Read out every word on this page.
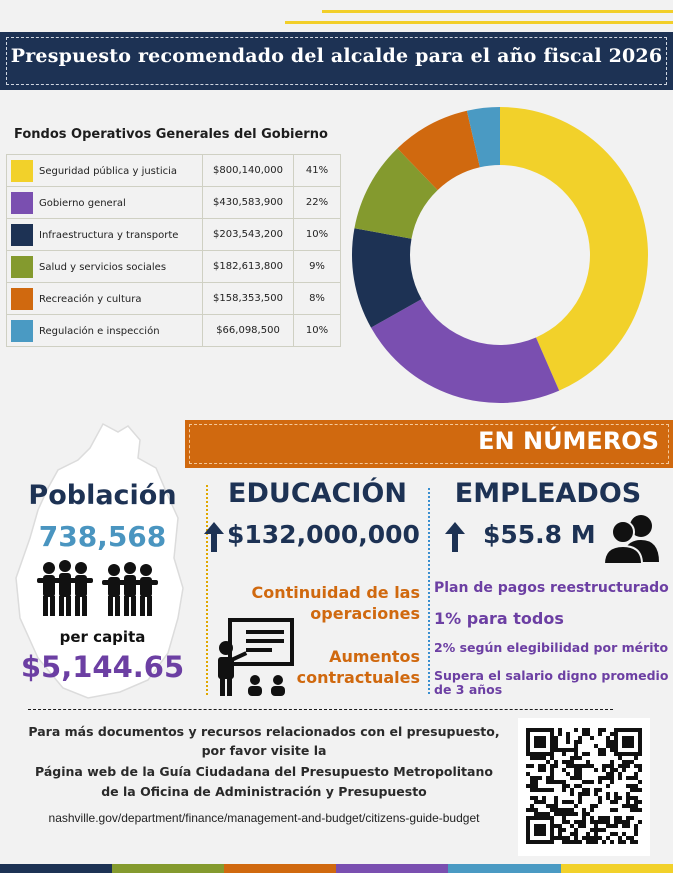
Prespuesto recomendado del alcalde para el año fiscal 2026
Fondos Operativos Generales del Gobierno
Seguridad pública y justicia	$800,140,000	41%
Gobierno general	$430,583,900	22%
Infraestructura y transporte	$203,543,200	10%
Salud y servicios sociales	$182,613,800	9%
Recreación y cultura	$158,353,500	8%
Regulación e inspección	$66,098,500	10%
EN NÚMEROS
Población
738,568
per capita
$5,144.65
EDUCACIÓN
$132,000,000
Continuidad de las operaciones
Aumentos contractuales
EMPLEADOS
$55.8 M
Plan de pagos reestructurado
1% para todos
2% según elegibilidad por mérito
Supera el salario digno promedio de 3 años
Para más documentos y recursos relacionados con el presupuesto,
por favor visite la
Página web de la Guía Ciudadana del Presupuesto Metropolitano
de la Oficina de Administración y Presupuesto
nashville.gov/department/finance/management-and-budget/citizens-guide-budget
